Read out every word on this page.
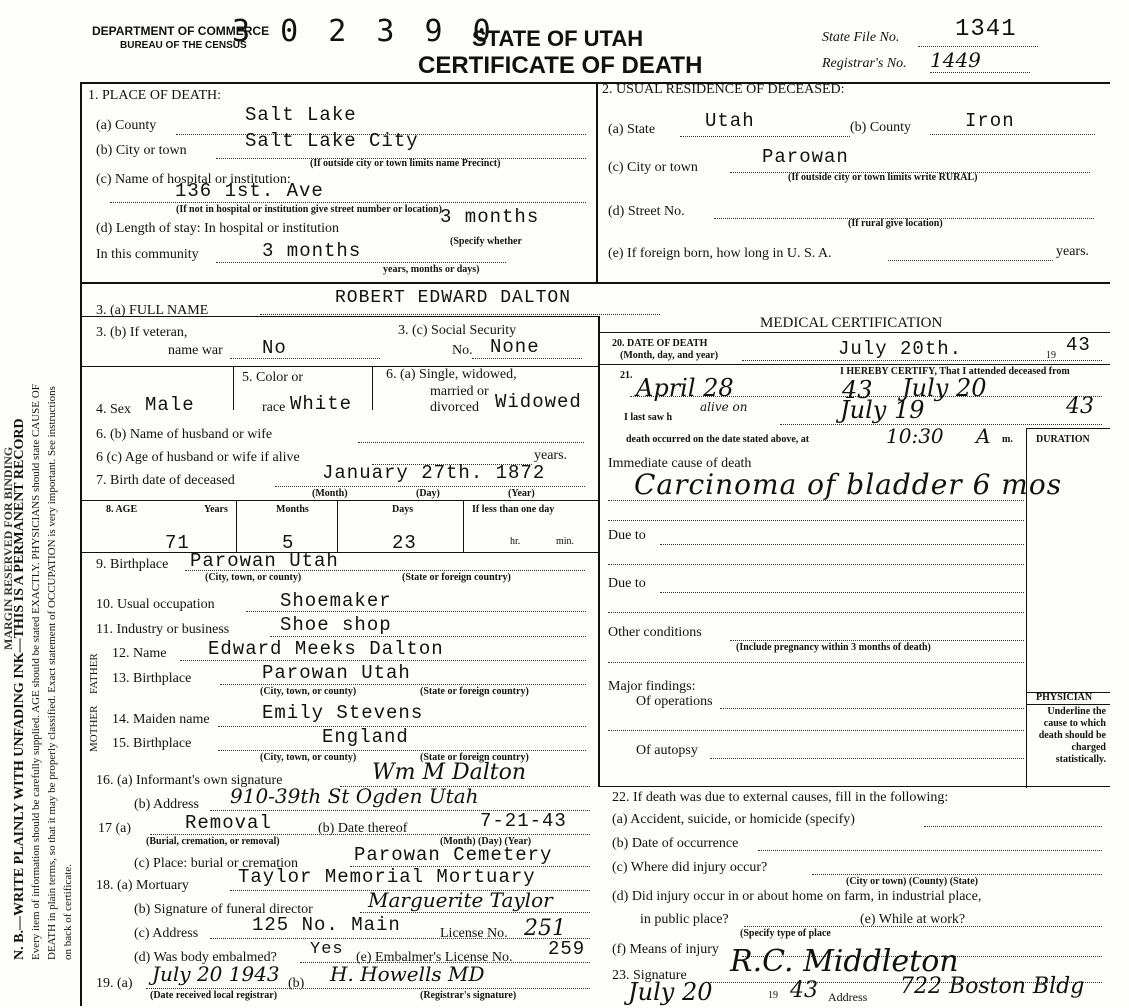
MARGIN RESERVED FOR BINDING
N. B.—WRITE PLAINLY WITH UNFADING INK—THIS IS A PERMANENT RECORD Every item of information should be carefully supplied. AGE should be stated EXACTLY. PHYSICIANS should state CAUSE OF DEATH in plain terms, so that it may be properly classified. Exact statement of OCCUPATION is very important. See instructions on back of certificate.
DEPARTMENT OF COMMERCE
BUREAU OF THE CENSUS
3 0 2 3 9 0
STATE OF UTAH
CERTIFICATE OF DEATH
State File No. 1341
Registrar's No. 1449
1. PLACE OF DEATH:
(a) County	Salt Lake
(b) City or town	Salt Lake City
(If outside city or town limits name Precinct)
(c) Name of hospital or institution:
136 1st. Ave
(If not in hospital or institution give street number or location)
(d) Length of stay: In hospital or institution
3 months
(Specify whether
In this community	3 months
years, months or days)
2. USUAL RESIDENCE OF DECEASED:
(a) State	Utah	(b) County	Iron
(c) City or town	Parowan
(If outside city or town limits write RURAL)
(d) Street No.
(If rural give location)
(e) If foreign born, how long in U. S. A.	years.
3. (a) FULL NAME
ROBERT EDWARD DALTON
3. (b) If veteran,
name war No
3. (c) Social Security
No. None
5. Color or	6. (a) Single, widowed,
married or
divorced
4. Sex Male	race White	Widowed
6. (b) Name of husband or wife
6 (c) Age of husband or wife if alive	years.
7. Birth date of deceased	January 27th. 1872
(Month)	(Day)	(Year)
8. AGE	Years	Months	Days	If less than one day
71	5	23	hr.	min.
9. Birthplace Parowan Utah
(City, town, or county)	(State or foreign country)
10. Usual occupation	Shoemaker
11. Industry or business	Shoe shop
FATHER 12. Name Edward Meeks Dalton
13. Birthplace	Parowan Utah
(City, town, or county)	(State or foreign country)
MOTHER 14. Maiden name	Emily Stevens
15. Birthplace	England
(City, town, or county)	(State or foreign country)
16. (a) Informant's own signature	Wm M Dalton
(b) Address 910-39th St Ogden Utah
17 (a)	Removal	(b) Date thereof	7-21-43
(Burial, cremation, or removal)	(Month) (Day) (Year)
(c) Place: burial or cremation	Parowan Cemetery
18. (a) Mortuary	Taylor Memorial Mortuary
(b) Signature of funeral director	Marguerite Taylor
(c) Address	125 No. Main	License No. 251
(d) Was body embalmed? Yes (e) Embalmer's License No. 259
19. (a) July 20 1943 (b) H. Howells MD
(Date received local registrar)	(Registrar's signature)
MEDICAL CERTIFICATION
20. DATE OF DEATH
(Month, day, and year)	July 20th.	19 43
21.	I HEREBY CERTIFY, That I attended deceased from
April 28	43 July 20
I last saw h
alive on	July 19	43
death occurred on the date stated above, at	10:30 A m. DURATION
Immediate cause of death
Carcinoma of bladder 6 mos
Due to
Due to
Other conditions
(Include pregnancy within 3 months of death)
Major findings:
Of operations
Of autopsy
PHYSICIAN
Underline the cause to which death should be charged statistically.
22. If death was due to external causes, fill in the following:
(a) Accident, suicide, or homicide (specify)
(b) Date of occurrence
(c) Where did injury occur?
(City or town) (County) (State)
(d) Did injury occur in or about home on farm, in industrial place,
in public place?	(e) While at work?
(Specify type of place
(f) Means of injury
23. Signature R.C. Middleton
July 20	19 43 Address 722 Boston Bldg
